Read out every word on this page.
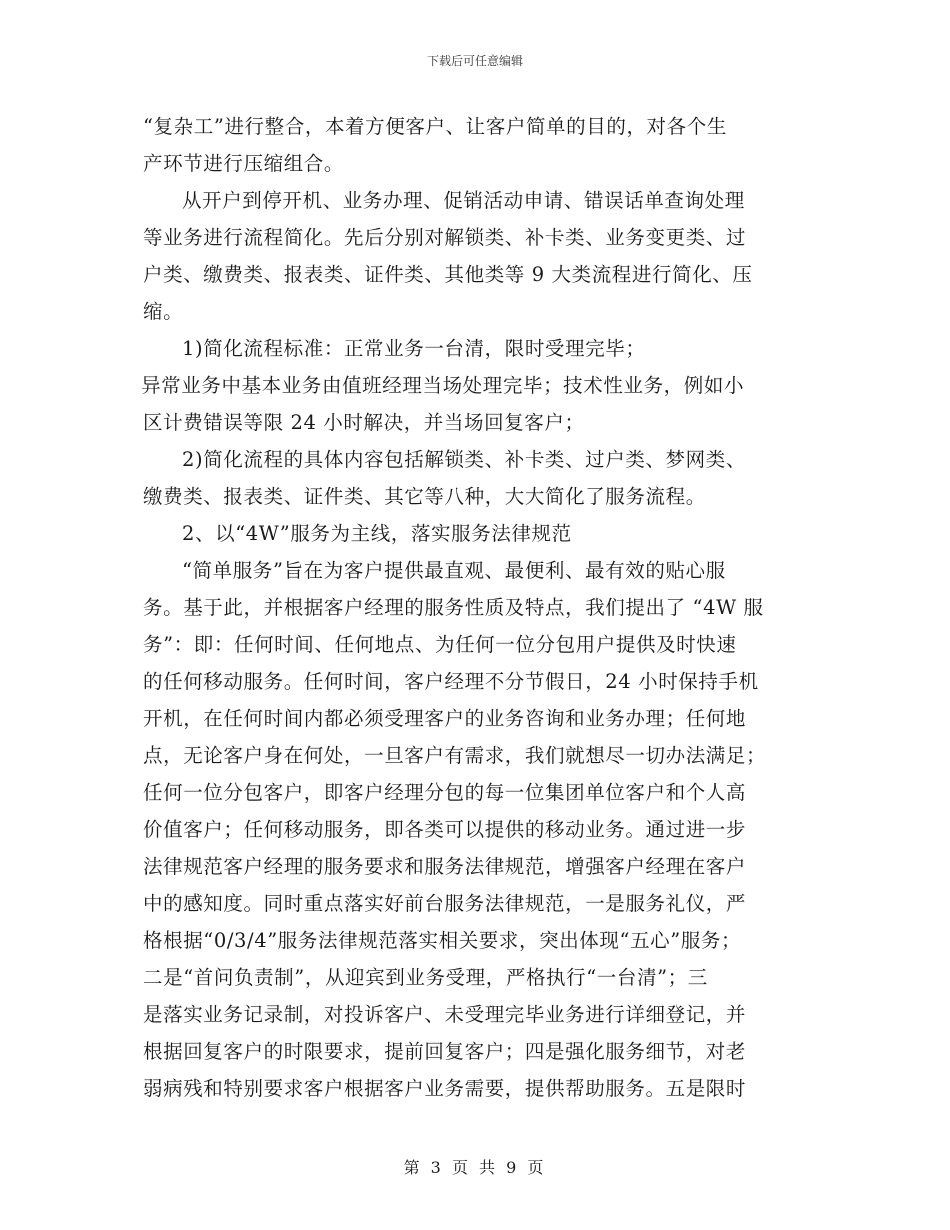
下载后可任意编辑
“复杂工”进行整合，本着方便客户、让客户简单的目的，对各个生
产环节进行压缩组合。
从开户到停开机、业务办理、促销活动申请、错误话单查询处理
等业务进行流程简化。先后分别对解锁类、补卡类、业务变更类、过
户类、缴费类、报表类、证件类、其他类等 9 大类流程进行简化、压
缩。
1)简化流程标准：正常业务一台清，限时受理完毕；
异常业务中基本业务由值班经理当场处理完毕；技术性业务，例如小
区计费错误等限 24 小时解决，并当场回复客户；
2)简化流程的具体内容包括解锁类、补卡类、过户类、梦网类、
缴费类、报表类、证件类、其它等八种，大大简化了服务流程。
2、以“4W”服务为主线，落实服务法律规范
“简单服务”旨在为客户提供最直观、最便利、最有效的贴心服
务。基于此，并根据客户经理的服务性质及特点，我们提出了 “4W 服
务”：即：任何时间、任何地点、为任何一位分包用户提供及时快速
的任何移动服务。任何时间，客户经理不分节假日，24 小时保持手机
开机，在任何时间内都必须受理客户的业务咨询和业务办理；任何地
点，无论客户身在何处，一旦客户有需求，我们就想尽一切办法满足；
任何一位分包客户，即客户经理分包的每一位集团单位客户和个人高
价值客户；任何移动服务，即各类可以提供的移动业务。通过进一步
法律规范客户经理的服务要求和服务法律规范，增强客户经理在客户
中的感知度。同时重点落实好前台服务法律规范，一是服务礼仪，严
格根据“0/3/4”服务法律规范落实相关要求，突出体现“五心”服务；
二是“首问负责制”，从迎宾到业务受理，严格执行“一台清”；三
是落实业务记录制，对投诉客户、未受理完毕业务进行详细登记，并
根据回复客户的时限要求，提前回复客户；四是强化服务细节，对老
弱病残和特别要求客户根据客户业务需要，提供帮助服务。五是限时
第 3 页 共 9 页
